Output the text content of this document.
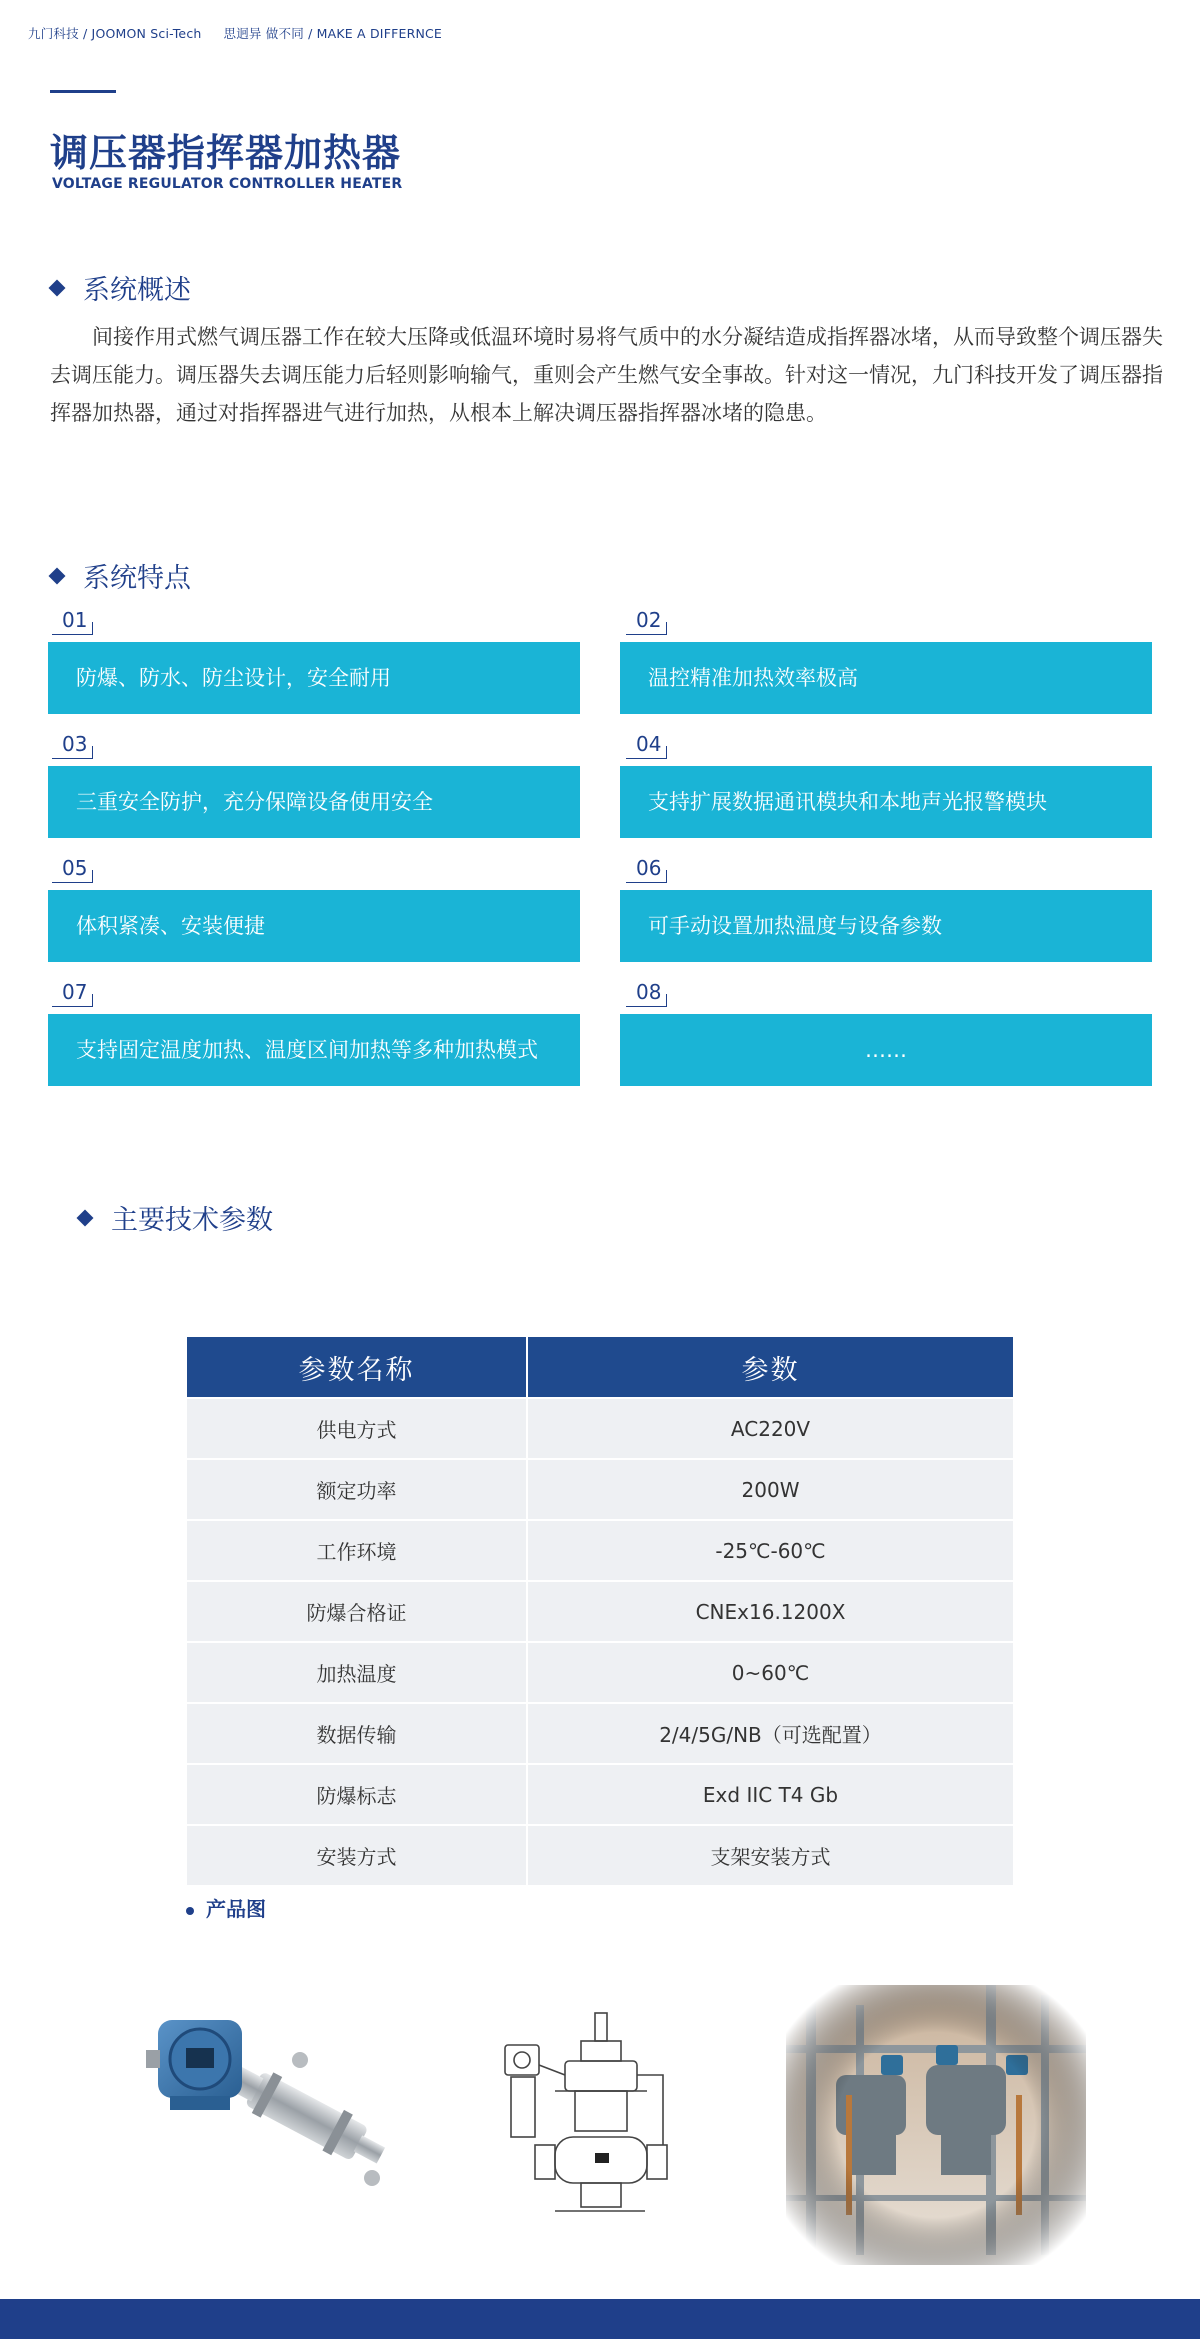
九门科技 / JOOMON Sci-Tech 思迥异 做不同 / MAKE A DIFFERNCE
调压器指挥器加热器
VOLTAGE REGULATOR CONTROLLER HEATER
系统概述
间接作用式燃气调压器工作在较大压降或低温环境时易将气质中的水分凝结造成指挥器冰堵，从而导致整个调压器失去调压能力。调压器失去调压能力后轻则影响输气，重则会产生燃气安全事故。针对这一情况，九门科技开发了调压器指挥器加热器，通过对指挥器进气进行加热，从根本上解决调压器指挥器冰堵的隐患。
系统特点
01
防爆、防水、防尘设计，安全耐用
02
温控精准加热效率极高
03
三重安全防护，充分保障设备使用安全
04
支持扩展数据通讯模块和本地声光报警模块
05
体积紧凑、安装便捷
06
可手动设置加热温度与设备参数
07
支持固定温度加热、温度区间加热等多种加热模式
08
……
主要技术参数
参数名称	参数
供电方式	AC220V
额定功率	200W
工作环境	-25℃-60℃
防爆合格证	CNEx16.1200X
加热温度	0~60℃
数据传输	2/4/5G/NB（可选配置）
防爆标志	Exd IIC T4 Gb
安装方式	支架安装方式
产品图
